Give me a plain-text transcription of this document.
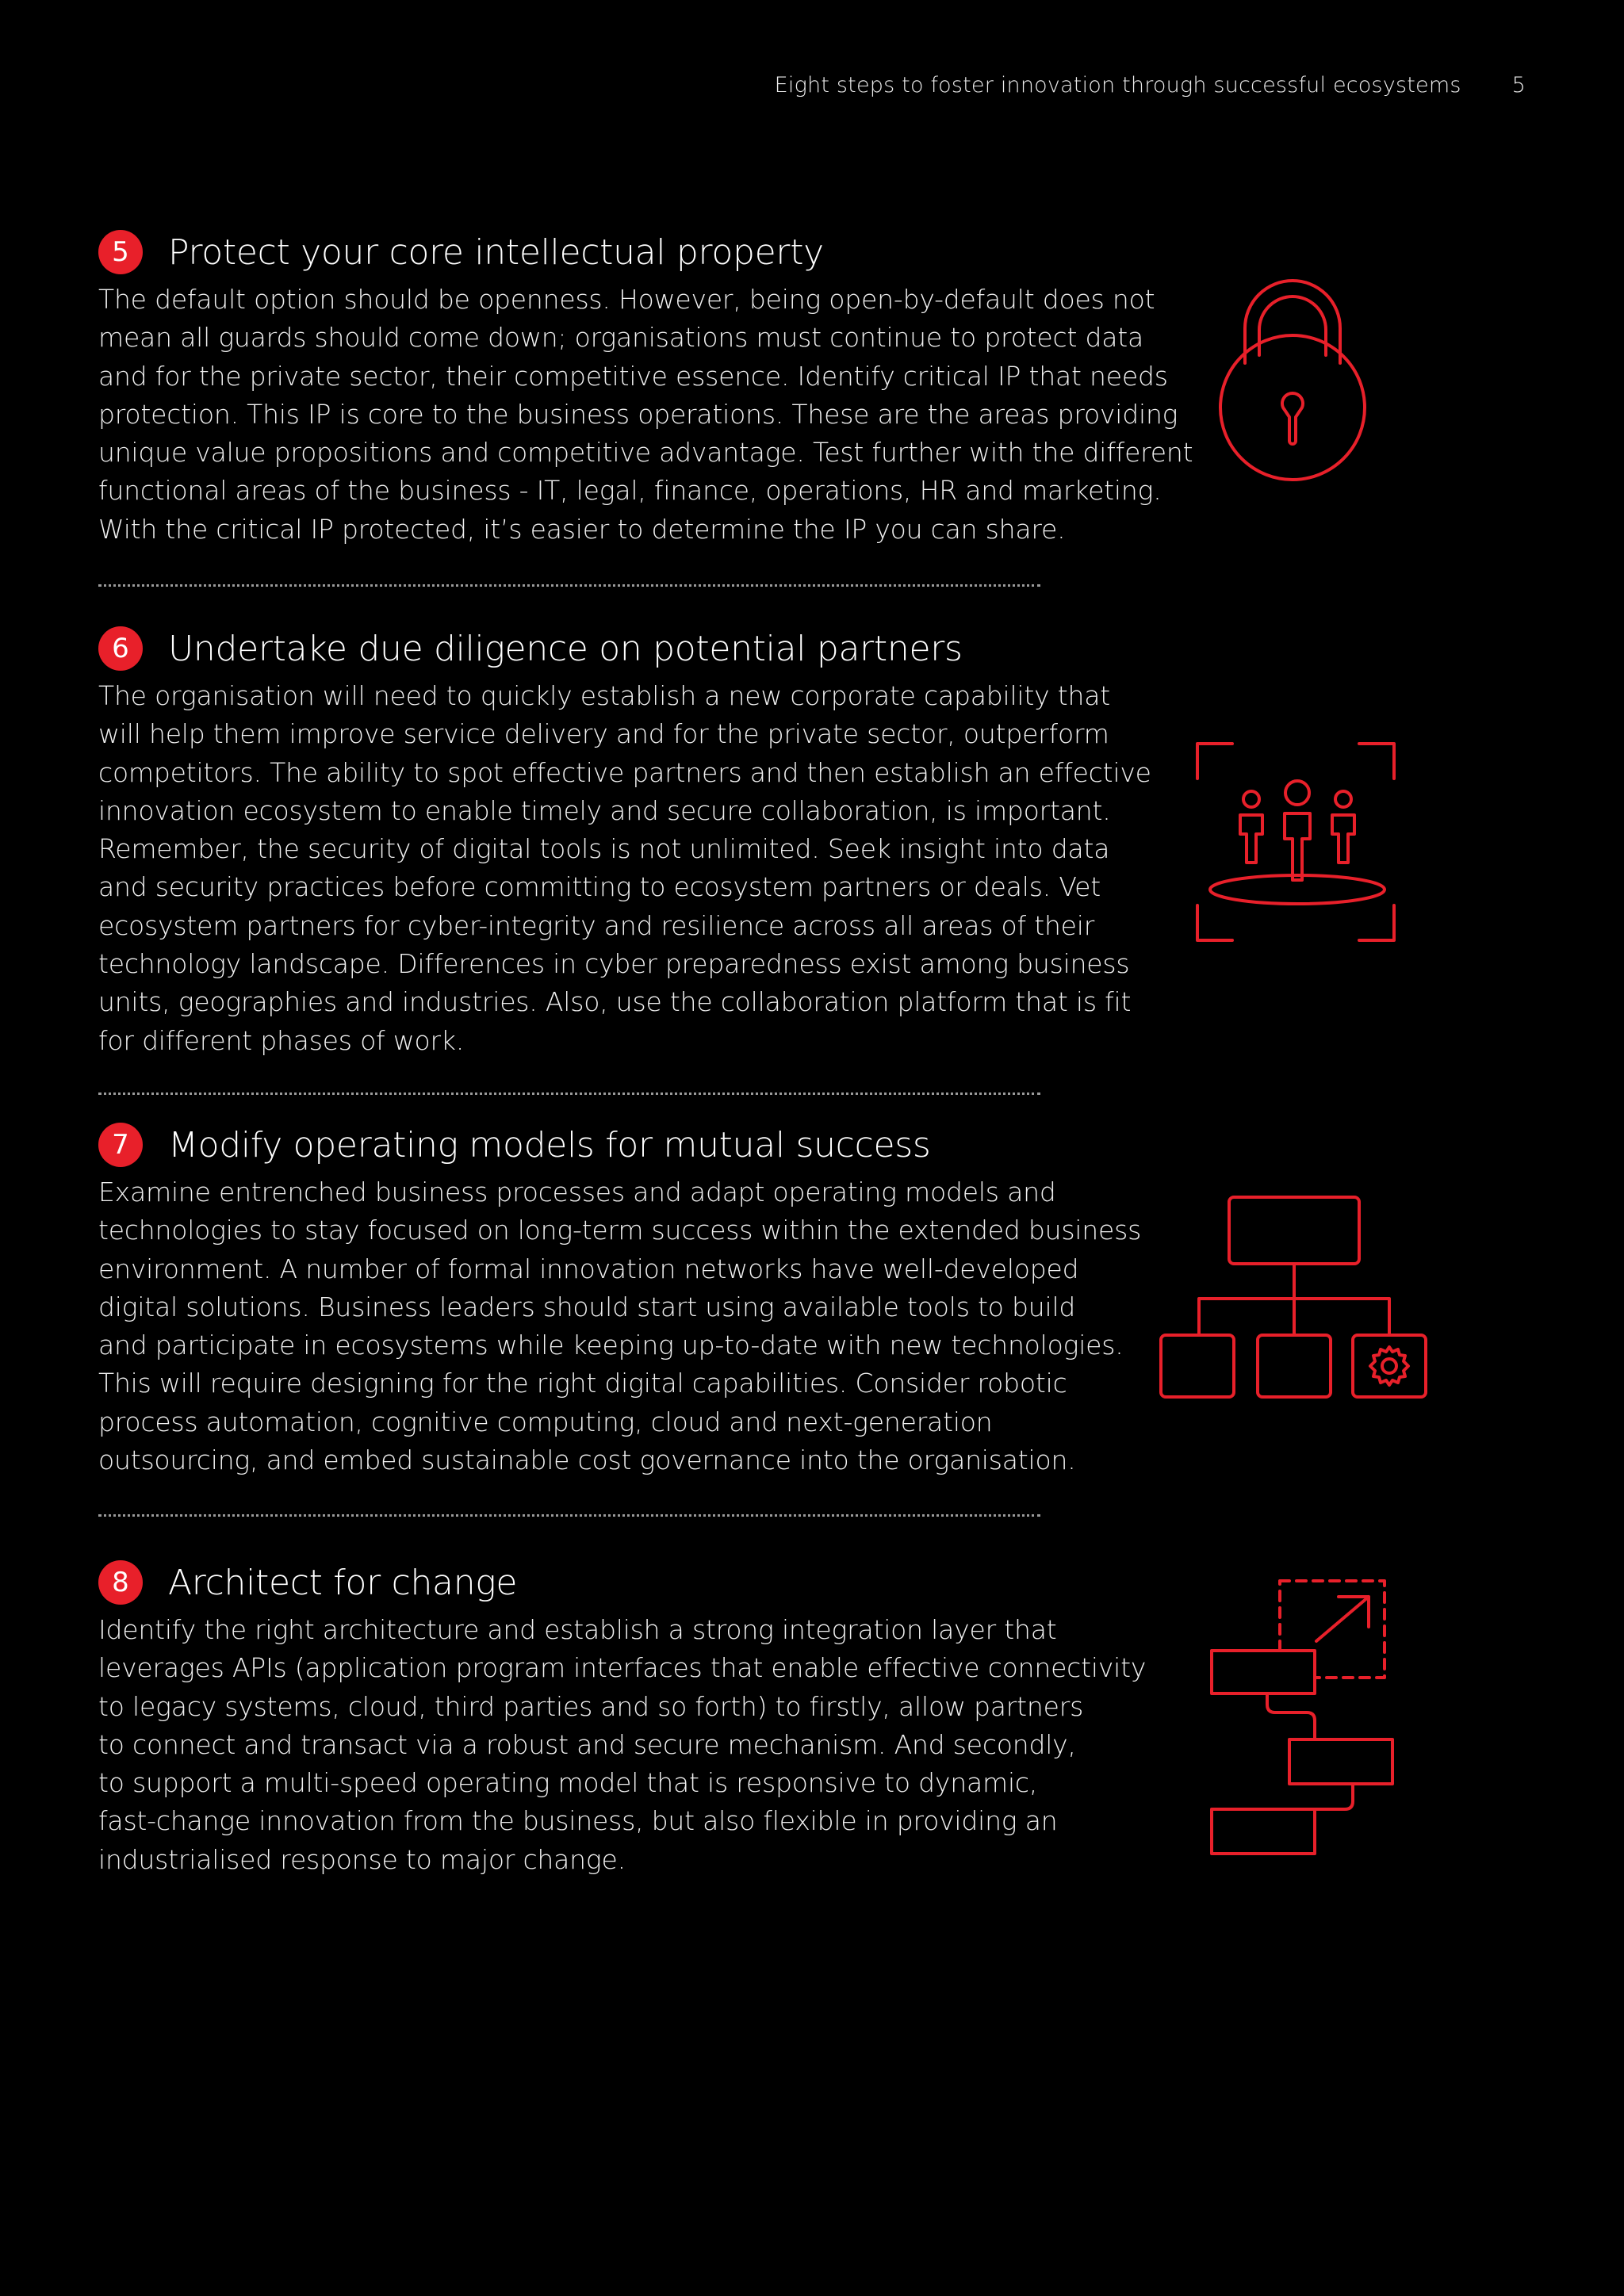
Eight steps to foster innovation through successful ecosystems 5
5	Protect your core intellectual property
The default option should be openness. However, being open-by-default does not
mean all guards should come down; organisations must continue to protect data
and for the private sector, their competitive essence. Identify critical IP that needs
protection. This IP is core to the business operations. These are the areas providing
unique value propositions and competitive advantage. Test further with the different
functional areas of the business - IT, legal, finance, operations, HR and marketing.
With the critical IP protected, it’s easier to determine the IP you can share.
6	Undertake due diligence on potential partners
The organisation will need to quickly establish a new corporate capability that
will help them improve service delivery and for the private sector, outperform
competitors. The ability to spot effective partners and then establish an effective
innovation ecosystem to enable timely and secure collaboration, is important.
Remember, the security of digital tools is not unlimited. Seek insight into data
and security practices before committing to ecosystem partners or deals. Vet
ecosystem partners for cyber-integrity and resilience across all areas of their
technology landscape. Differences in cyber preparedness exist among business
units, geographies and industries. Also, use the collaboration platform that is fit
for different phases of work.
7	Modify operating models for mutual success
Examine entrenched business processes and adapt operating models and
technologies to stay focused on long-term success within the extended business
environment. A number of formal innovation networks have well-developed
digital solutions. Business leaders should start using available tools to build
and participate in ecosystems while keeping up-to-date with new technologies.
This will require designing for the right digital capabilities. Consider robotic
process automation, cognitive computing, cloud and next-generation
outsourcing, and embed sustainable cost governance into the organisation.
8	Architect for change
Identify the right architecture and establish a strong integration layer that
leverages APIs (application program interfaces that enable effective connectivity
to legacy systems, cloud, third parties and so forth) to firstly, allow partners
to connect and transact via a robust and secure mechanism. And secondly,
to support a multi-speed operating model that is responsive to dynamic,
fast-change innovation from the business, but also flexible in providing an
industrialised response to major change.
